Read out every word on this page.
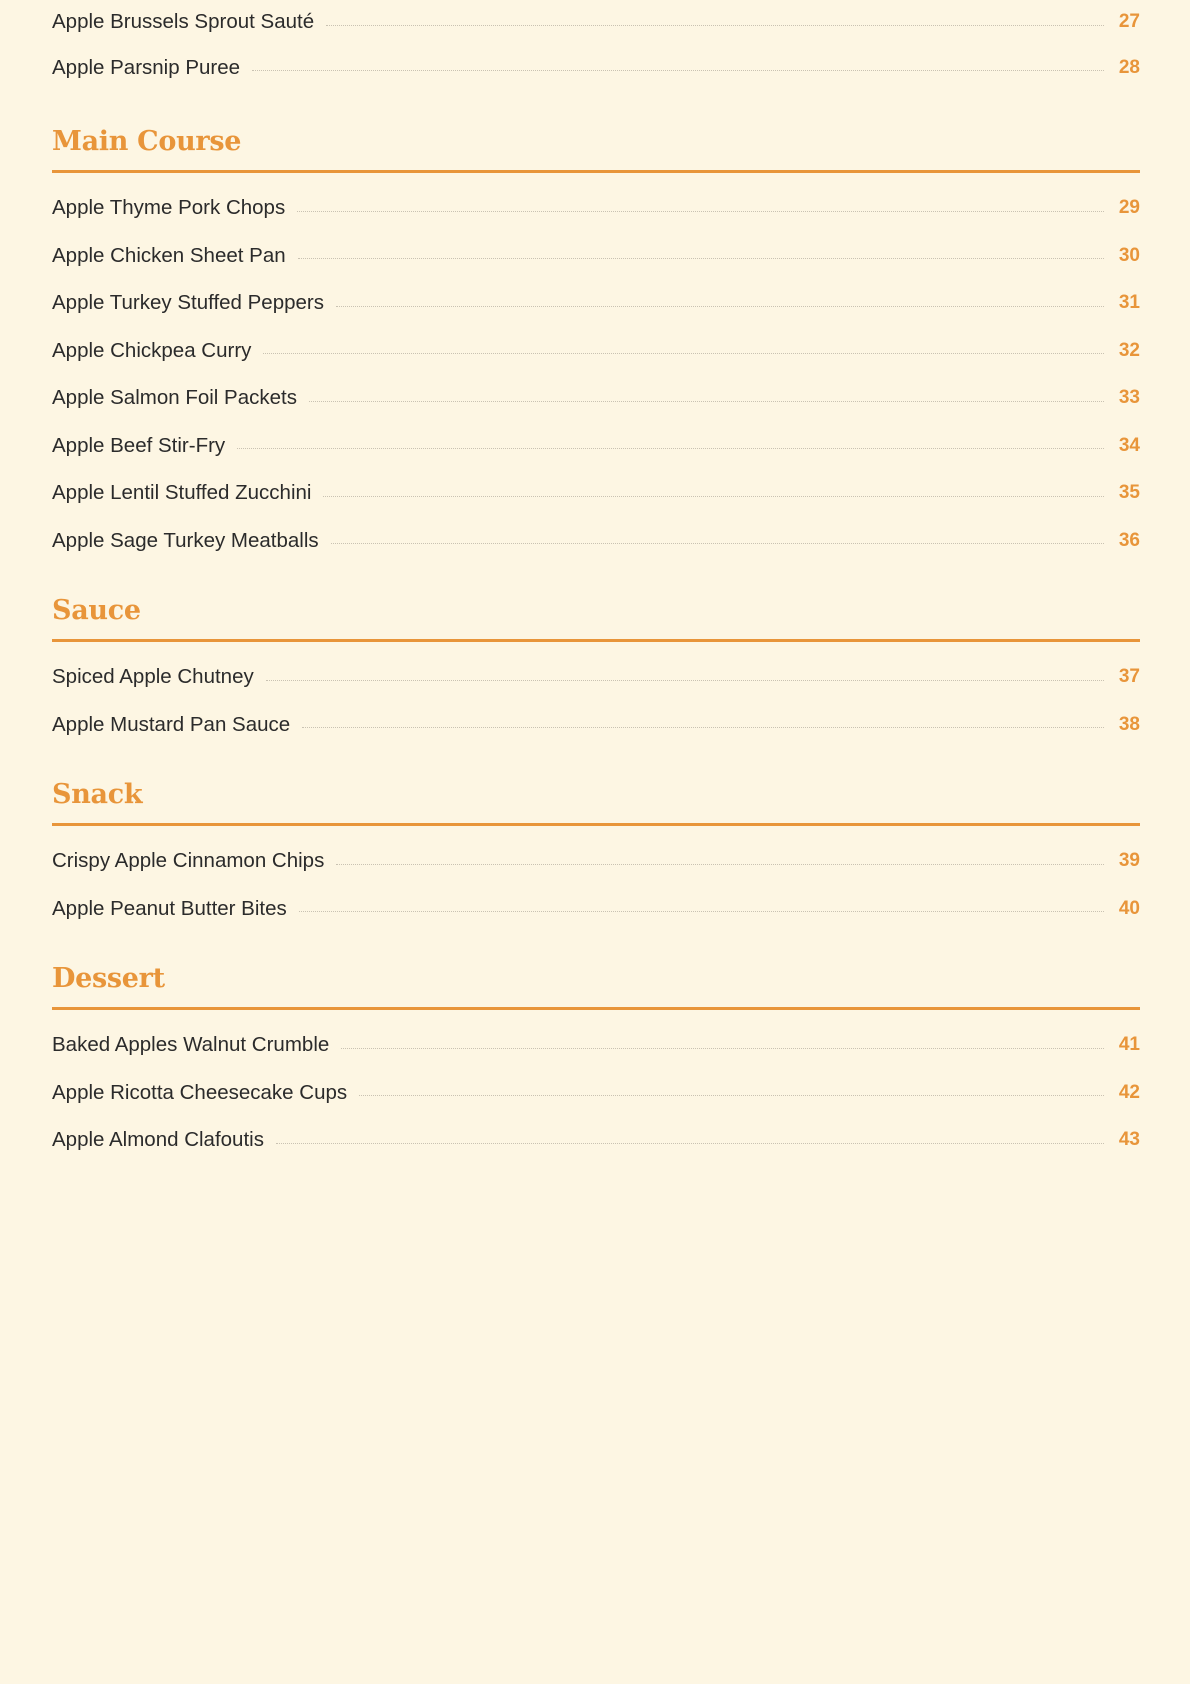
Apple Brussels Sprout Sauté	27
Apple Parsnip Puree	28
Main Course
Apple Thyme Pork Chops	29
Apple Chicken Sheet Pan	30
Apple Turkey Stuffed Peppers	31
Apple Chickpea Curry	32
Apple Salmon Foil Packets	33
Apple Beef Stir-Fry	34
Apple Lentil Stuffed Zucchini	35
Apple Sage Turkey Meatballs	36
Sauce
Spiced Apple Chutney	37
Apple Mustard Pan Sauce	38
Snack
Crispy Apple Cinnamon Chips	39
Apple Peanut Butter Bites	40
Dessert
Baked Apples Walnut Crumble	41
Apple Ricotta Cheesecake Cups	42
Apple Almond Clafoutis	43
